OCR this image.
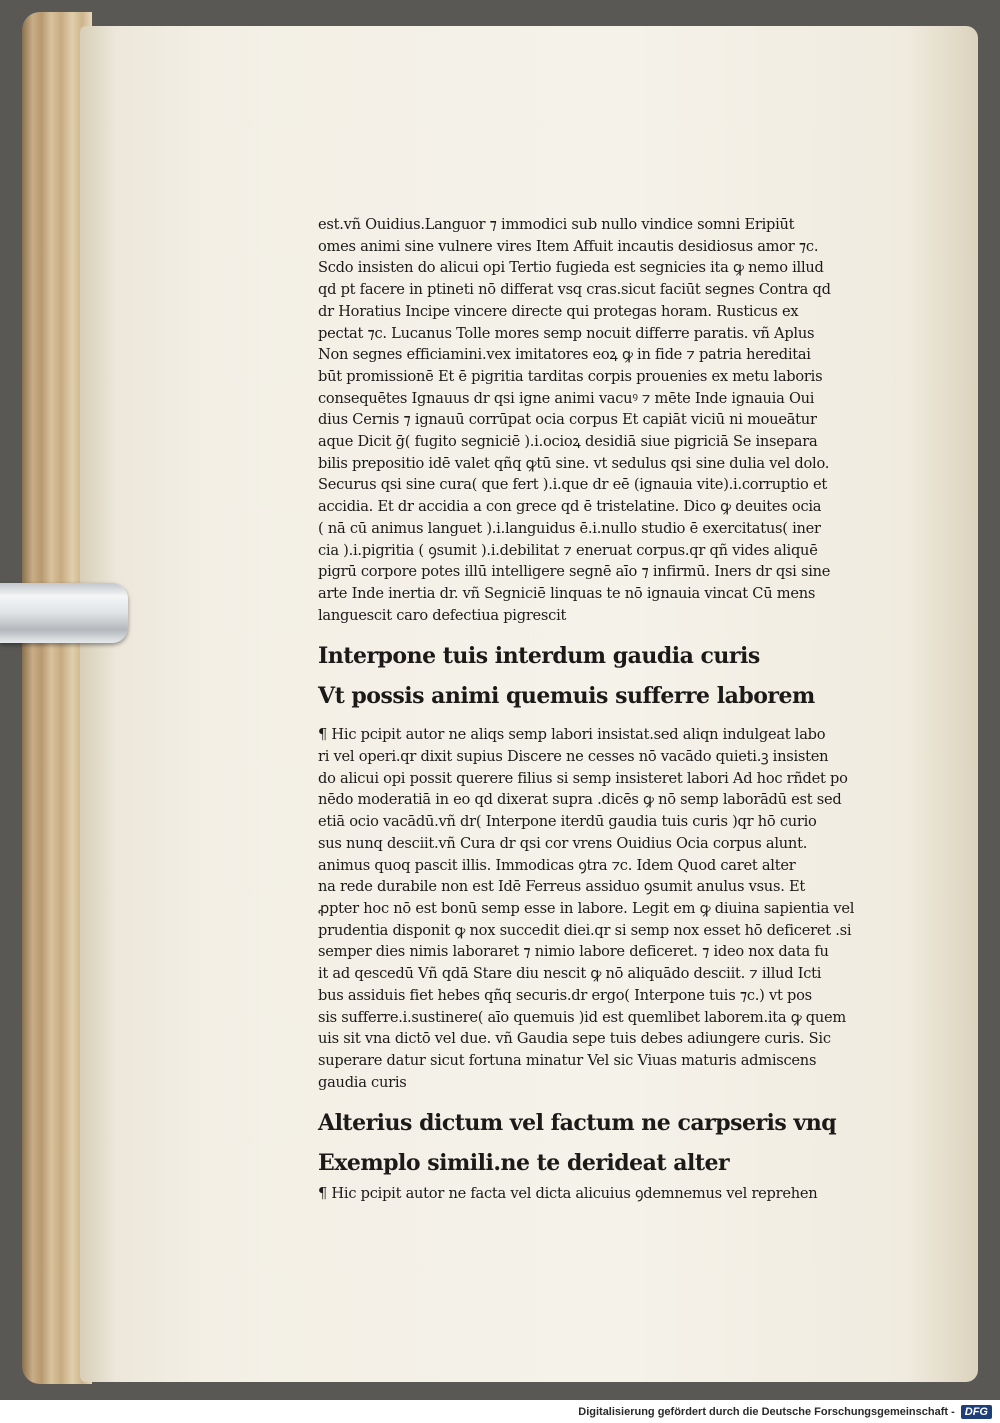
est.vñ Ouidius.Languor ⁊ immodici sub nullo vindice somni Eripiūt

omes animi sine vulnere vires Item Affuit incautis desidiosus amor ⁊c.

Scdo insisten do alicui opi Tertio fugieda est segnicies ita ꝙ nemo illud

qd pt facere in ptineti nō differat vsq cras.sicut faciūt segnes Contra qd

dr Horatius Incipe vincere directe qui protegas horam. Rusticus ex

pectat ⁊c. Lucanus Tolle mores semp nocuit differre paratis. vñ Aplus

Non segnes efficiamini.vex imitatores eoꝝ ꝙ in fide ⁊ patria hereditai

būt promissionē Et ē pigritia tarditas corpis prouenies ex metu laboris

consequētes Ignauus dr qsi igne animi vacuꝰ ⁊ mēte Inde ignauia Oui

dius Cernis ⁊ ignauū corrūpat ocia corpus Et capiāt viciū ni moueātur

aque Dicit ḡ( fugito segniciē ).i.ocioꝝ desidiā siue pigriciā Se insepara

bilis prepositio idē valet qñq ꝙtū sine. vt sedulus qsi sine dulia vel dolo.

Securus qsi sine cura( que fert ).i.que dr eē (ignauia vite).i.corruptio et

accidia. Et dr accidia a con grece qd ē tristelatine. Dico ꝙ deuites ocia

( nā cū animus languet ).i.languidus ē.i.nullo studio ē exercitatus( iner

cia ).i.pigritia ( ꝯsumit ).i.debilitat ⁊ eneruat corpus.qr qñ vides aliquē

pigrū corpore potes illū intelligere segnē aīo ⁊ infirmū. Iners dr qsi sine

arte Inde inertia dr. vñ Segniciē linquas te nō ignauia vincat Cū mens

languescit caro defectiua pigrescit

Interpone tuis interdum gaudia curis

Vt possis animi quemuis sufferre laborem

¶ Hic pcipit autor ne aliqs semp labori insistat.sed aliqn indulgeat labo

ri vel operi.qr dixit supius Discere ne cesses nō vacādo quieti.ꝫ insisten

do alicui opi possit querere filius si semp insisteret labori Ad hoc rñdet po

nēdo moderatiā in eo qd dixerat supra .dicēs ꝙ nō semp laborādū est sed

etiā ocio vacādū.vñ dr( Interpone iterdū gaudia tuis curis )qr hō curio

sus nunq desciit.vñ Cura dr qsi cor vrens Ouidius Ocia corpus alunt.

animus quoq pascit illis. Immodicas ꝯtra ⁊c. Idem Quod caret alter

na rede durabile non est Idē Ferreus assiduo ꝯsumit anulus vsus. Et

ꝓpter hoc nō est bonū semp esse in labore. Legit em ꝙ diuina sapientia vel

prudentia disponit ꝙ nox succedit diei.qr si semp nox esset hō deficeret .si

semper dies nimis laboraret ⁊ nimio labore deficeret. ⁊ ideo nox data fu

it ad qescedū Vñ qdā Stare diu nescit ꝙ nō aliquādo desciit. ⁊ illud Icti

bus assiduis fiet hebes qñq securis.dr ergo( Interpone tuis ⁊c.) vt pos

sis sufferre.i.sustinere( aīo quemuis )id est quemlibet laborem.ita ꝙ quem

uis sit vna dictō vel due. vñ Gaudia sepe tuis debes adiungere curis. Sic

superare datur sicut fortuna minatur Vel sic Viuas maturis admiscens

gaudia curis

Alterius dictum vel factum ne carpseris vnq

Exemplo simili.ne te derideat alter

¶ Hic pcipit autor ne facta vel dicta alicuius ꝯdemnemus vel reprehen

Digitalisierung gefördert durch die Deutsche Forschungsgemeinschaft - DFG
